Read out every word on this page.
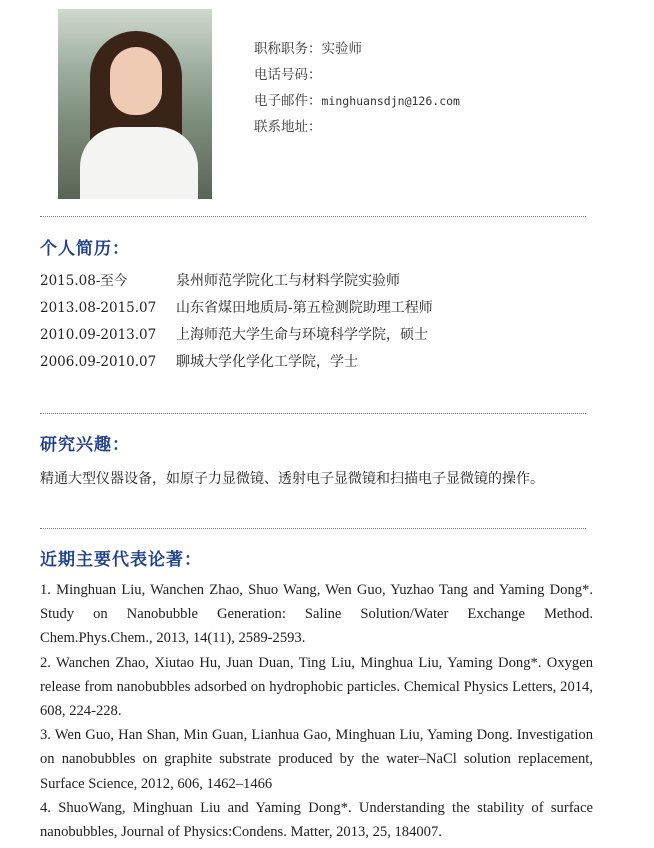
职称职务：实验师
电话号码：
电子邮件：minghuansdjn@126.com
联系地址：
个人简历：
2015.08-至今	泉州师范学院化工与材料学院实验师
2013.08-2015.07	山东省煤田地质局-第五检测院助理工程师
2010.09-2013.07	上海师范大学生命与环境科学学院，硕士
2006.09-2010.07	聊城大学化学化工学院，学士
研究兴趣：
精通大型仪器设备，如原子力显微镜、透射电子显微镜和扫描电子显微镜的操作。
近期主要代表论著：

1. Minghuan Liu, Wanchen Zhao, Shuo Wang, Wen Guo, Yuzhao Tang and Yaming Dong*. Study on Nanobubble Generation: Saline Solution/Water Exchange Method. Chem.Phys.Chem., 2013, 14(11), 2589-2593.

2. Wanchen Zhao, Xiutao Hu, Juan Duan, Ting Liu, Minghua Liu, Yaming Dong*. Oxygen release from nanobubbles adsorbed on hydrophobic particles. Chemical Physics Letters, 2014, 608, 224-228.

3. Wen Guo, Han Shan, Min Guan, Lianhua Gao, Minghuan Liu, Yaming Dong. Investigation on nanobubbles on graphite substrate produced by the water–NaCl solution replacement, Surface Science, 2012, 606, 1462–1466

4. ShuoWang, Minghuan Liu and Yaming Dong*. Understanding the stability of surface nanobubbles, Journal of Physics:Condens. Matter, 2013, 25, 184007.
